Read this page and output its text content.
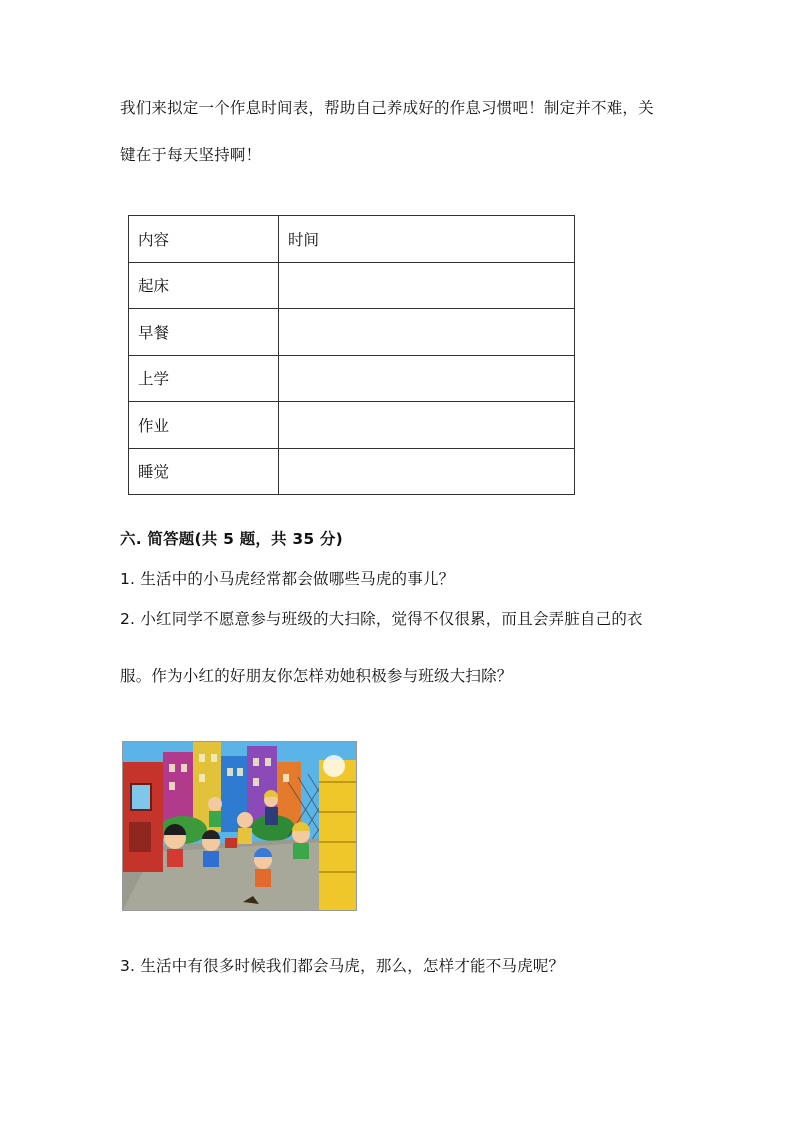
我们来拟定一个作息时间表，帮助自己养成好的作息习惯吧！制定并不难，关
键在于每天坚持啊！
内容	时间
起床	
早餐	
上学	
作业	
睡觉	
六. 简答题(共 5 题，共 35 分)
1. 生活中的小马虎经常都会做哪些马虎的事儿？
2. 小红同学不愿意参与班级的大扫除，觉得不仅很累，而且会弄脏自己的衣
服。作为小红的好朋友你怎样劝她积极参与班级大扫除？
3. 生活中有很多时候我们都会马虎，那么，怎样才能不马虎呢？
